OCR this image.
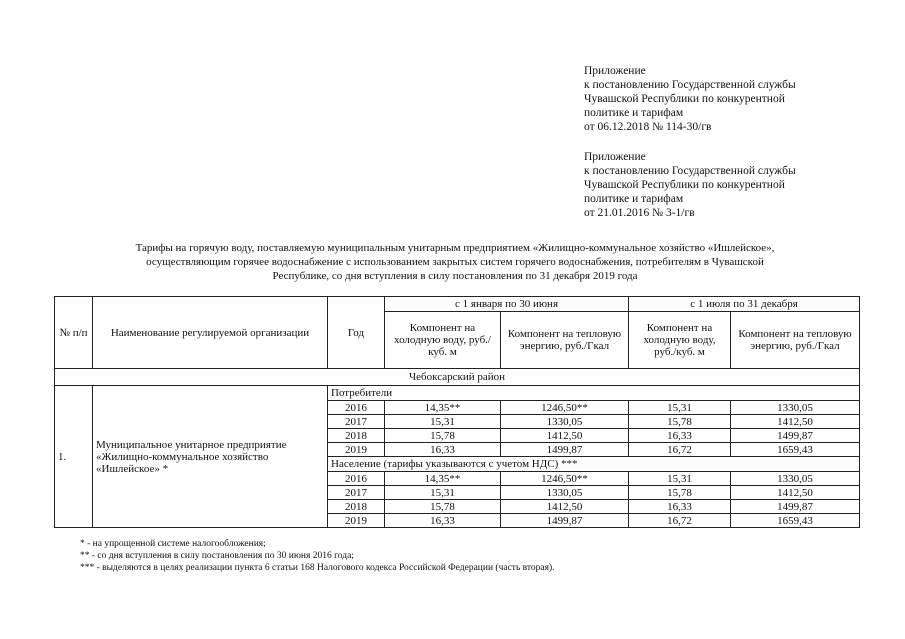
Приложение
к постановлению Государственной службы
Чувашской Республики по конкурентной
политике и тарифам
от 06.12.2018 № 114-30/гв
Приложение
к постановлению Государственной службы
Чувашской Республики по конкурентной
политике и тарифам
от 21.01.2016 № 3-1/гв
Тарифы на горячую воду, поставляемую муниципальным унитарным предприятием «Жилищно-коммунальное хозяйство «Ишлейское»,
осуществляющим горячее водоснабжение с использованием закрытых систем горячего водоснабжения, потребителям в Чувашской
Республике, со дня вступления в силу постановления по 31 декабря 2019 года
№ п/п	Наименование регулируемой организации	Год	с 1 января по 30 июня		с 1 июля по 31 декабря	
			Компонент на холодную воду, руб./куб. м	Компонент на тепловую энергию, руб./Гкал	Компонент на холодную воду, руб./куб. м	Компонент на тепловую энергию, руб./Гкал
Чебоксарский район						
1.	Муниципальное унитарное предприятие «Жилищно-коммунальное хозяйство «Ишлейское» *	Потребители				
		2016	14,35**	1246,50**	15,31	1330,05
		2017	15,31	1330,05	15,78	1412,50
		2018	15,78	1412,50	16,33	1499,87
		2019	16,33	1499,87	16,72	1659,43
		Население (тарифы указываются с учетом НДС) ***				
		2016	14,35**	1246,50**	15,31	1330,05
		2017	15,31	1330,05	15,78	1412,50
		2018	15,78	1412,50	16,33	1499,87
		2019	16,33	1499,87	16,72	1659,43
* - на упрощенной системе налогообложения;
** - со дня вступления в силу постановления по 30 июня 2016 года;
*** - выделяются в целях реализации пункта 6 статьи 168 Налогового кодекса Российской Федерации (часть вторая).
